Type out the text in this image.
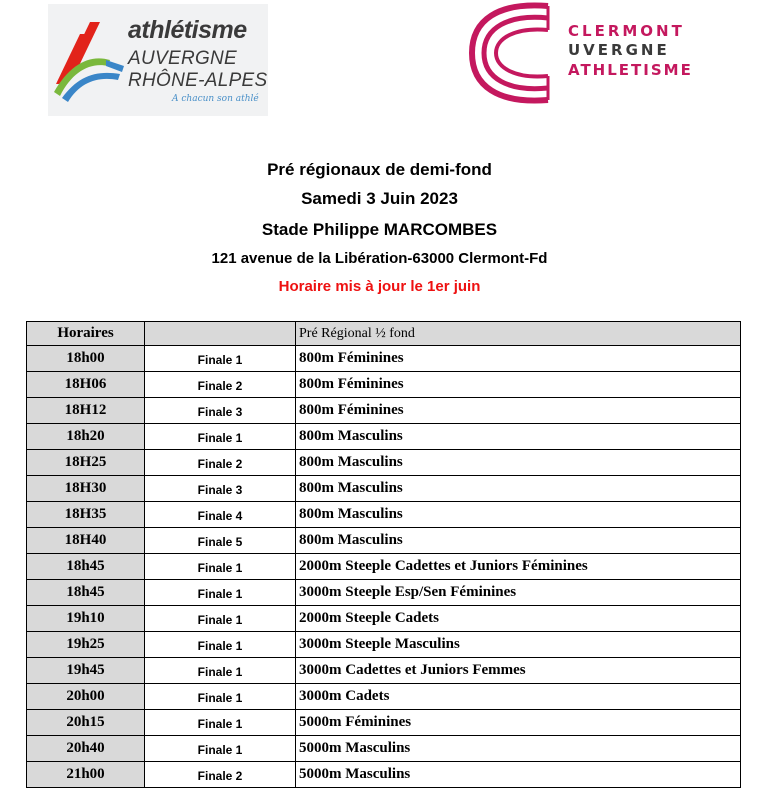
athlétisme
AUVERGNE
RHÔNE-ALPES
A chacun son athlé
CLERMONT
UVERGNE
ATHLETISME
Pré régionaux de demi-fond
Samedi 3 Juin 2023
Stade Philippe MARCOMBES
121 avenue de la Libération-63000 Clermont-Fd
Horaire mis à jour le 1er juin
Horaires		Pré Régional ½ fond
18h00	Finale 1	800m Féminines
18H06	Finale 2	800m Féminines
18H12	Finale 3	800m Féminines
18h20	Finale 1	800m Masculins
18H25	Finale 2	800m Masculins
18H30	Finale 3	800m Masculins
18H35	Finale 4	800m Masculins
18H40	Finale 5	800m Masculins
18h45	Finale 1	2000m Steeple Cadettes et Juniors Féminines
18h45	Finale 1	3000m Steeple Esp/Sen Féminines
19h10	Finale 1	2000m Steeple Cadets
19h25	Finale 1	3000m Steeple Masculins
19h45	Finale 1	3000m Cadettes et Juniors Femmes
20h00	Finale 1	3000m Cadets
20h15	Finale 1	5000m Féminines
20h40	Finale 1	5000m Masculins
21h00	Finale 2	5000m Masculins
